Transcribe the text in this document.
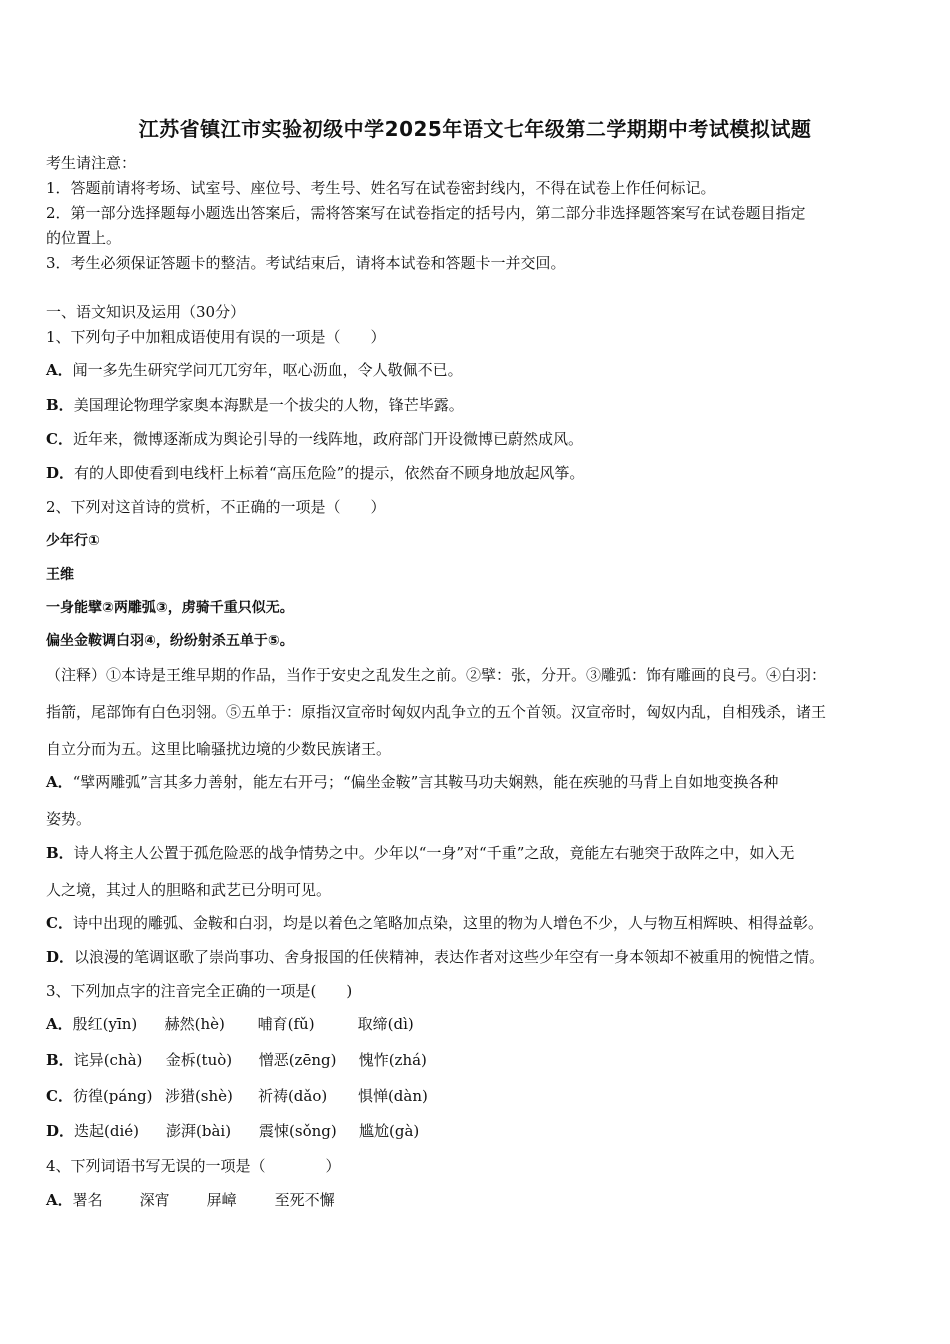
江苏省镇江市实验初级中学2025年语文七年级第二学期期中考试模拟试题
考生请注意：
1．答题前请将考场、试室号、座位号、考生号、姓名写在试卷密封线内，不得在试卷上作任何标记。
2．第一部分选择题每小题选出答案后，需将答案写在试卷指定的括号内，第二部分非选择题答案写在试卷题目指定
的位置上。
3．考生必须保证答题卡的整洁。考试结束后，请将本试卷和答题卡一并交回。
一、语文知识及运用（30分）
1、下列句子中加粗成语使用有误的一项是（　　）
A．闻一多先生研究学问兀兀穷年，呕心沥血，令人敬佩不已。
B．美国理论物理学家奥本海默是一个拔尖的人物，锋芒毕露。
C．近年来，微博逐渐成为舆论引导的一线阵地，政府部门开设微博已蔚然成风。
D．有的人即使看到电线杆上标着“高压危险”的提示，依然奋不顾身地放起风筝。
2、下列对这首诗的赏析，不正确的一项是（　　）
少年行①
王维
一身能擘②两雕弧③，虏骑千重只似无。
偏坐金鞍调白羽④，纷纷射杀五单于⑤。
（注释）①本诗是王维早期的作品，当作于安史之乱发生之前。②擘：张，分开。③雕弧：饰有雕画的良弓。④白羽：
指箭，尾部饰有白色羽翎。⑤五单于：原指汉宣帝时匈奴内乱争立的五个首领。汉宣帝时，匈奴内乱，自相残杀，诸王
自立分而为五。这里比喻骚扰边境的少数民族诸王。
A．“擘两雕弧”言其多力善射，能左右开弓；“偏坐金鞍”言其鞍马功夫娴熟，能在疾驰的马背上自如地变换各种
姿势。
B．诗人将主人公置于孤危险恶的战争情势之中。少年以“一身”对“千重”之敌，竟能左右驰突于敌阵之中，如入无
人之境，其过人的胆略和武艺已分明可见。
C．诗中出现的雕弧、金鞍和白羽，均是以着色之笔略加点染，这里的物为人增色不少，人与物互相辉映、相得益彰。
D．以浪漫的笔调讴歌了崇尚事功、舍身报国的任侠精神，表达作者对这些少年空有一身本领却不被重用的惋惜之情。
3、下列加点字的注音完全正确的一项是(　　)
A．殷红(yīn) 赫然(hè) 哺育(fǔ)	取缔(dì)
B．诧异(chà) 金柝(tuò) 憎恶(zēng) 愧怍(zhá)
C．彷徨(páng) 涉猎(shè) 祈祷(dǎo) 惧惮(dàn)
D．迭起(dié) 澎湃(bài) 震悚(sǒng) 尴尬(gà)
4、下列词语书写无误的一项是（　　　　）
A．署名 深宵 屏嶂	至死不懈
